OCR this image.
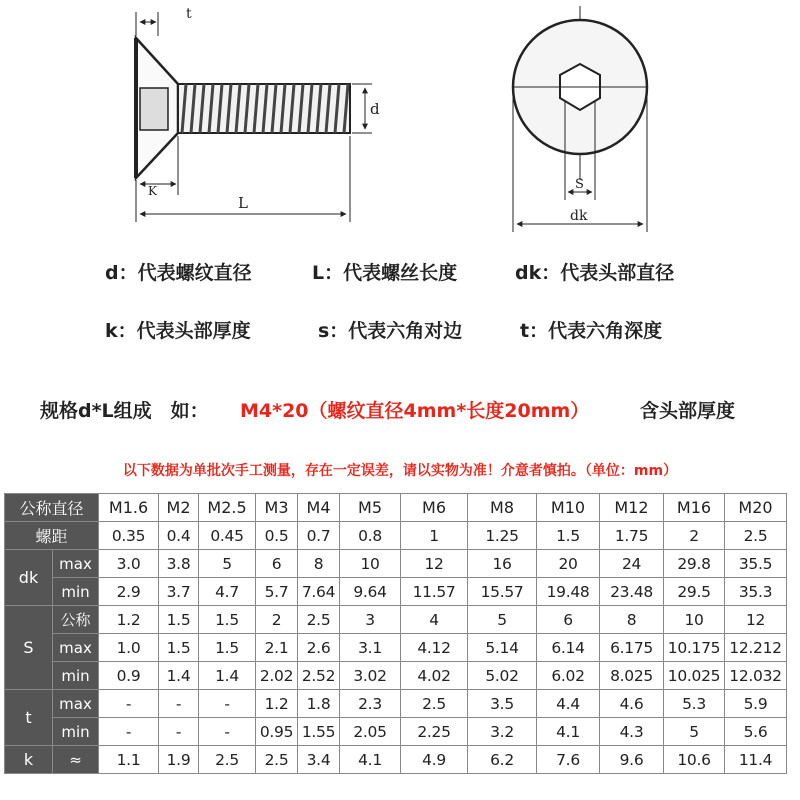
t
d
K
L
S
dk
d：代表螺纹直径	L：代表螺丝长度	dk：代表头部直径
k：代表头部厚度	s：代表六角对边	t：代表六角深度
规格d*L组成　如： M4*20（螺纹直径4mm*长度20mm）	含头部厚度
以下数据为单批次手工测量，存在一定误差，请以实物为准！介意者慎拍。（单位：mm）
公称直径		M1.6	M2	M2.5	M3	M4	M5	M6	M8	M10	M12	M16	M20
螺距		0.35	0.4	0.45	0.5	0.7	0.8	1	1.25	1.5	1.75	2	2.5
dk	max	3.0	3.8	5	6	8	10	12	16	20	24	29.8	35.5
	min	2.9	3.7	4.7	5.7	7.64	9.64	11.57	15.57	19.48	23.48	29.5	35.3
S	公称	1.2	1.5	1.5	2	2.5	3	4	5	6	8	10	12
	max	1.0	1.5	1.5	2.1	2.6	3.1	4.12	5.14	6.14	6.175	10.175	12.212
	min	0.9	1.4	1.4	2.02	2.52	3.02	4.02	5.02	6.02	8.025	10.025	12.032
t	max	-	-	-	1.2	1.8	2.3	2.5	3.5	4.4	4.6	5.3	5.9
	min	-	-	-	0.95	1.55	2.05	2.25	3.2	4.1	4.3	5	5.6
k	≈	1.1	1.9	2.5	2.5	3.4	4.1	4.9	6.2	7.6	9.6	10.6	11.4
